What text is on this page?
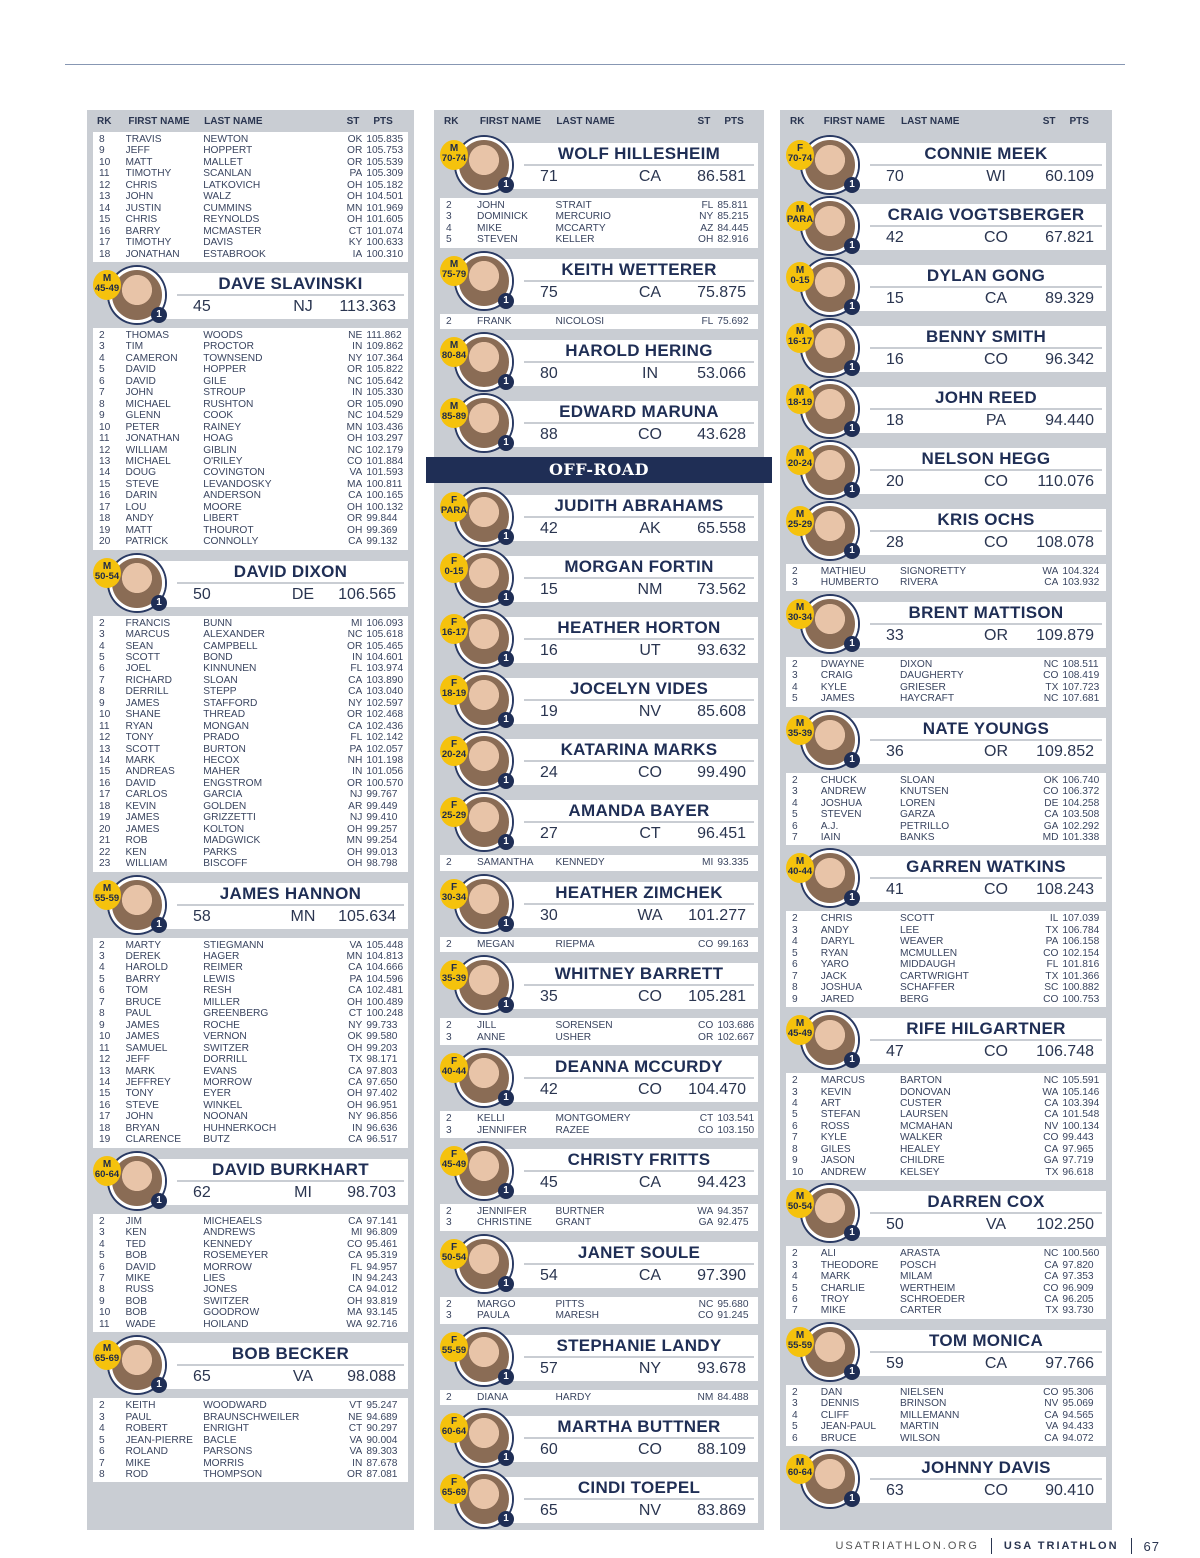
RK	FIRST NAME	LAST NAME	ST	PTS
8	TRAVIS	NEWTON	OK 105.835
9	JEFF	HOPPERT	OR 105.753
10	MATT	MALLET	OR 105.539
11	TIMOTHY	SCANLAN	PA 105.309
12	CHRIS	LATKOVICH	OH 105.182
13	JOHN	WALZ	OH 104.501
14	JUSTIN	CUMMINS	MN 101.969
15	CHRIS	REYNOLDS	OH 101.605
16	BARRY	MCMASTER	CT 101.074
17	TIMOTHY	DAVIS	KY 100.633
18	JONATHAN	ESTABROOK	IA 100.310
M
45-49
1
DAVE SLAVINSKI
45	NJ	113.363
2	THOMAS	WOODS	NE 111.862
3	TIM	PROCTOR	IN 109.862
4	CAMERON	TOWNSEND	NY 107.364
5	DAVID	HOPPER	OR 105.822
6	DAVID	GILE	NC 105.642
7	JOHN	STROUP	IN 105.330
8	MICHAEL	RUSHTON	OR 105.090
9	GLENN	COOK	NC 104.529
10	PETER	RAINEY	MN 103.436
11	JONATHAN	HOAG	OH 103.297
12	WILLIAM	GIBLIN	NC 102.179
13	MICHAEL	O'RILEY	CO 101.884
14	DOUG	COVINGTON	VA 101.593
15	STEVE	LEVANDOSKY	MA 100.811
16	DARIN	ANDERSON	CA 100.165
17	LOU	MOORE	OH 100.132
18	ANDY	LIBERT	OR 99.844
19	MATT	THOUROT	OH 99.369
20	PATRICK	CONNOLLY	CA 99.132
M
50-54
1
DAVID DIXON
50	DE	106.565
2	FRANCIS	BUNN	MI 106.093
3	MARCUS	ALEXANDER	NC 105.618
4	SEAN	CAMPBELL	OR 105.465
5	SCOTT	BOND	IN 104.601
6	JOEL	KINNUNEN	FL 103.974
7	RICHARD	SLOAN	CA 103.890
8	DERRILL	STEPP	CA 103.040
9	JAMES	STAFFORD	NY 102.597
10	SHANE	THREAD	OR 102.468
11	RYAN	MONGAN	CA 102.436
12	TONY	PRADO	FL 102.142
13	SCOTT	BURTON	PA 102.057
14	MARK	HECOX	NH 101.198
15	ANDREAS	MAHER	IN 101.056
16	DAVID	ENGSTROM	OR 100.570
17	CARLOS	GARCIA	NJ 99.767
18	KEVIN	GOLDEN	AR 99.449
19	JAMES	GRIZZETTI	NJ 99.410
20	JAMES	KOLTON	OH 99.257
21	ROB	MADGWICK	MN 99.254
22	KEN	PARKS	OH 99.013
23	WILLIAM	BISCOFF	OH 98.798
M
55-59
1
JAMES HANNON
58	MN	105.634
2	MARTY	STIEGMANN	VA 105.448
3	DEREK	HAGER	MN 104.813
4	HAROLD	REIMER	CA 104.666
5	BARRY	LEWIS	PA 104.596
6	TOM	RESH	CA 102.481
7	BRUCE	MILLER	OH 100.489
8	PAUL	GREENBERG	CT 100.248
9	JAMES	ROCHE	NY 99.733
10	JAMES	VERNON	OK 99.580
11	SAMUEL	SWITZER	OH 99.203
12	JEFF	DORRILL	TX 98.171
13	MARK	EVANS	CA 97.803
14	JEFFREY	MORROW	CA 97.650
15	TONY	EYER	OH 97.402
16	STEVE	WINKEL	OH 96.951
17	JOHN	NOONAN	NY 96.856
18	BRYAN	HUHNERKOCH	IN 96.636
19	CLARENCE	BUTZ	CA 96.517
M
60-64
1
DAVID BURKHART
62	MI	98.703
2	JIM	MICHEAELS	CA 97.141
3	KEN	ANDREWS	MI 96.809
4	TED	KENNEDY	CO 95.461
5	BOB	ROSEMEYER	CA 95.319
6	DAVID	MORROW	FL 94.957
7	MIKE	LIES	IN 94.243
8	RUSS	JONES	CA 94.012
9	BOB	SWITZER	OH 93.819
10	BOB	GOODROW	MA 93.145
11	WADE	HOILAND	WA 92.716
M
65-69
1
BOB BECKER
65	VA	98.088
2	KEITH	WOODWARD	VT 95.247
3	PAUL	BRAUNSCHWEILER	NE 94.689
4	ROBERT	ENRIGHT	CT 90.297
5	JEAN-PIERRE	BACLE	VA 90.004
6	ROLAND	PARSONS	VA 89.303
7	MIKE	MORRIS	IN 87.678
8	ROD	THOMPSON	OR 87.081
RK	FIRST NAME	LAST NAME	ST	PTS
M
70-74
1
WOLF HILLESHEIM
71	CA	86.581
2	JOHN	STRAIT	FL 85.811
3	DOMINICK	MERCURIO	NY 85.215
4	MIKE	MCCARTY	AZ 84.445
5	STEVEN	KELLER	OH 82.916
M
75-79
1
KEITH WETTERER
75	CA	75.875
2	FRANK	NICOLOSI	FL 75.692
M
80-84
1
HAROLD HERING
80	IN	53.066
M
85-89
1
EDWARD MARUNA
88	CO	43.628
OFF-ROAD
F
PARA
1
JUDITH ABRAHAMS
42	AK	65.558
F
0-15
1
MORGAN FORTIN
15	NM	73.562
F
16-17
1
HEATHER HORTON
16	UT	93.632
F
18-19
1
JOCELYN VIDES
19	NV	85.608
F
20-24
1
KATARINA MARKS
24	CO	99.490
F
25-29
1
AMANDA BAYER
27	CT	96.451
2	SAMANTHA	KENNEDY	MI 93.335
F
30-34
1
HEATHER ZIMCHEK
30	WA	101.277
2	MEGAN	RIEPMA	CO 99.163
F
35-39
1
WHITNEY BARRETT
35	CO	105.281
2	JILL	SORENSEN	CO 103.686
3	ANNE	USHER	OR 102.667
F
40-44
1
DEANNA MCCURDY
42	CO	104.470
2	KELLI	MONTGOMERY	CT 103.541
3	JENNIFER	RAZEE	CO 103.150
F
45-49
1
CHRISTY FRITTS
45	CA	94.423
2	JENNIFER	BURTNER	WA 94.357
3	CHRISTINE	GRANT	GA 92.475
F
50-54
1
JANET SOULE
54	CA	97.390
2	MARGO	PITTS	NC 95.680
3	PAULA	MARESH	CO 91.245
F
55-59
1
STEPHANIE LANDY
57	NY	93.678
2	DIANA	HARDY	NM 84.488
F
60-64
1
MARTHA BUTTNER
60	CO	88.109
F
65-69
1
CINDI TOEPEL
65	NV	83.869
RK	FIRST NAME	LAST NAME	ST	PTS
F
70-74
1
CONNIE MEEK
70	WI	60.109
M
PARA
1
CRAIG VOGTSBERGER
42	CO	67.821
M
0-15
1
DYLAN GONG
15	CA	89.329
M
16-17
1
BENNY SMITH
16	CO	96.342
M
18-19
1
JOHN REED
18	PA	94.440
M
20-24
1
NELSON HEGG
20	CO	110.076
M
25-29
1
KRIS OCHS
28	CO	108.078
2	MATHIEU	SIGNORETTY	WA 104.324
3	HUMBERTO	RIVERA	CA 103.932
M
30-34
1
BRENT MATTISON
33	OR	109.879
2	DWAYNE	DIXON	NC 108.511
3	CRAIG	DAUGHERTY	CO 108.419
4	KYLE	GRIESER	TX 107.723
5	JAMES	HAYCRAFT	NC 107.681
M
35-39
1
NATE YOUNGS
36	OR	109.852
2	CHUCK	SLOAN	OK 106.740
3	ANDREW	KNUTSEN	CO 106.372
4	JOSHUA	LOREN	DE 104.258
5	STEVEN	GARZA	CA 103.508
6	A.J.	PETRILLO	GA 102.292
7	IAIN	BANKS	MD 101.338
M
40-44
1
GARREN WATKINS
41	CO	108.243
2	CHRIS	SCOTT	IL 107.039
3	ANDY	LEE	TX 106.784
4	DARYL	WEAVER	PA 106.158
5	RYAN	MCMULLEN	CO 102.154
6	YARO	MIDDAUGH	FL 101.816
7	JACK	CARTWRIGHT	TX 101.366
8	JOSHUA	SCHAFFER	SC 100.882
9	JARED	BERG	CO 100.753
M
45-49
1
RIFE HILGARTNER
47	CO	106.748
2	MARCUS	BARTON	NC 105.591
3	KEVIN	DONOVAN	WA 105.146
4	ART	CUSTER	CA 103.394
5	STEFAN	LAURSEN	CA 101.548
6	ROSS	MCMAHAN	NV 100.134
7	KYLE	WALKER	CO 99.443
8	GILES	HEALEY	CA 97.965
9	JASON	CHILDRE	GA 97.719
10	ANDREW	KELSEY	TX 96.618
M
50-54
1
DARREN COX
50	VA	102.250
2	ALI	ARASTA	NC 100.560
3	THEODORE	POSCH	CA 97.820
4	MARK	MILAM	CA 97.353
5	CHARLIE	WERTHEIM	CO 96.909
6	TROY	SCHROEDER	CA 96.205
7	MIKE	CARTER	TX 93.730
M
55-59
1
TOM MONICA
59	CA	97.766
2	DAN	NIELSEN	CO 95.306
3	DENNIS	BRINSON	NV 95.069
4	CLIFF	MILLEMANN	CA 94.565
5	JEAN-PAUL	MARTIN	VA 94.433
6	BRUCE	WILSON	CA 94.072
M
60-64
1
JOHNNY DAVIS
63	CO	90.410
USATRIATHLON.ORG USA TRIATHLON 67
